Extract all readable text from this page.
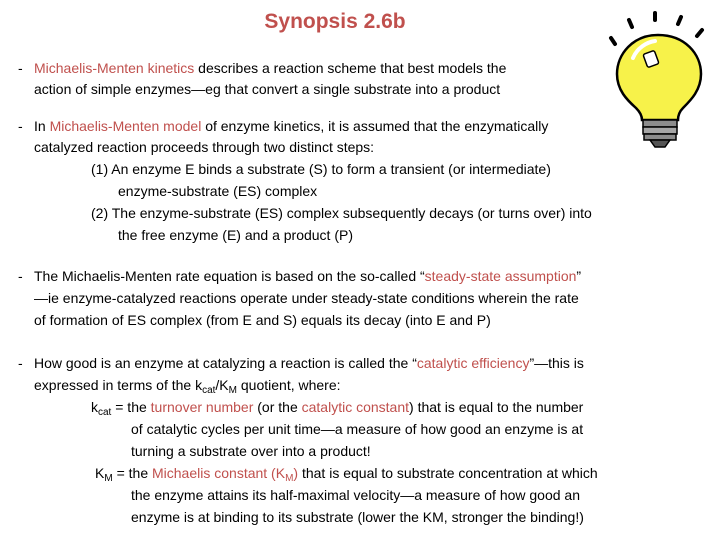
Synopsis 2.6b
- Michaelis-Menten kinetics describes a reaction scheme that best models the
action of simple enzymes—eg that convert a single substrate into a product
- In Michaelis-Menten model of enzyme kinetics, it is assumed that the enzymatically
catalyzed reaction proceeds through two distinct steps:
(1) An enzyme E binds a substrate (S) to form a transient (or intermediate)
enzyme-substrate (ES) complex
(2) The enzyme-substrate (ES) complex subsequently decays (or turns over) into
the free enzyme (E) and a product (P)
- The Michaelis-Menten rate equation is based on the so-called “steady-state assumption”
—ie enzyme-catalyzed reactions operate under steady-state conditions wherein the rate
of formation of ES complex (from E and S) equals its decay (into E and P)
- How good is an enzyme at catalyzing a reaction is called the “catalytic efficiency”—this is
expressed in terms of the $k_{cat}/K_M$ quotient, where:
$k_{cat}$ = the turnover number (or the catalytic constant) that is equal to the number
of catalytic cycles per unit time—a measure of how good an enzyme is at
turning a substrate over into a product!
$K_M$ = the Michaelis constant $(K_M)$ that is equal to substrate concentration at which
the enzyme attains its half-maximal velocity—a measure of how good an
enzyme is at binding to its substrate (lower the KM, stronger the binding!)
